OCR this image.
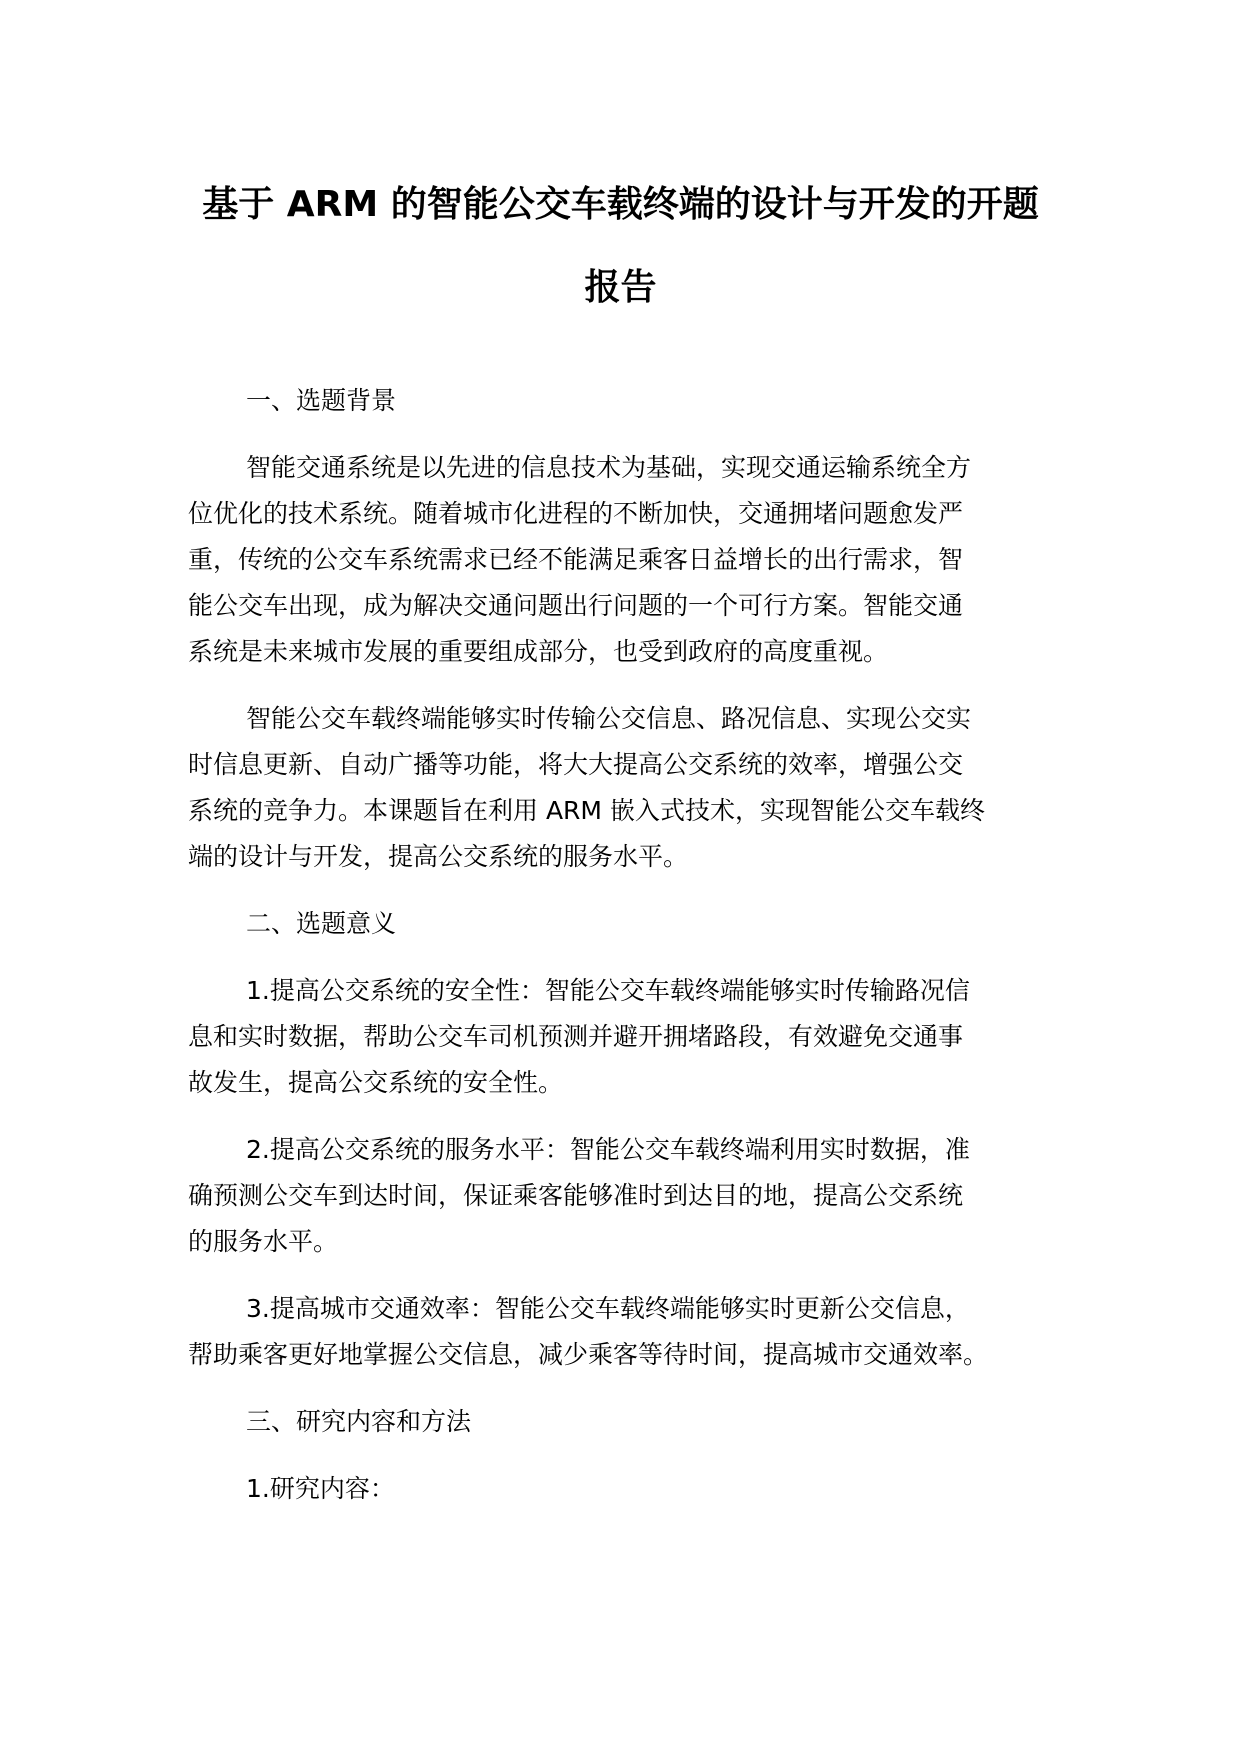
基于 ARM 的智能公交车载终端的设计与开发的开题
报告
一、选题背景
智能交通系统是以先进的信息技术为基础，实现交通运输系统全方
位优化的技术系统。随着城市化进程的不断加快，交通拥堵问题愈发严
重，传统的公交车系统需求已经不能满足乘客日益增长的出行需求，智
能公交车出现，成为解决交通问题出行问题的一个可行方案。智能交通
系统是未来城市发展的重要组成部分，也受到政府的高度重视。
智能公交车载终端能够实时传输公交信息、路况信息、实现公交实
时信息更新、自动广播等功能，将大大提高公交系统的效率，增强公交
系统的竞争力。本课题旨在利用 ARM 嵌入式技术，实现智能公交车载终
端的设计与开发，提高公交系统的服务水平。
二、选题意义
1.提高公交系统的安全性：智能公交车载终端能够实时传输路况信
息和实时数据，帮助公交车司机预测并避开拥堵路段，有效避免交通事
故发生，提高公交系统的安全性。
2.提高公交系统的服务水平：智能公交车载终端利用实时数据，准
确预测公交车到达时间，保证乘客能够准时到达目的地，提高公交系统
的服务水平。
3.提高城市交通效率：智能公交车载终端能够实时更新公交信息，
帮助乘客更好地掌握公交信息，减少乘客等待时间，提高城市交通效率。
三、研究内容和方法
1.研究内容：
